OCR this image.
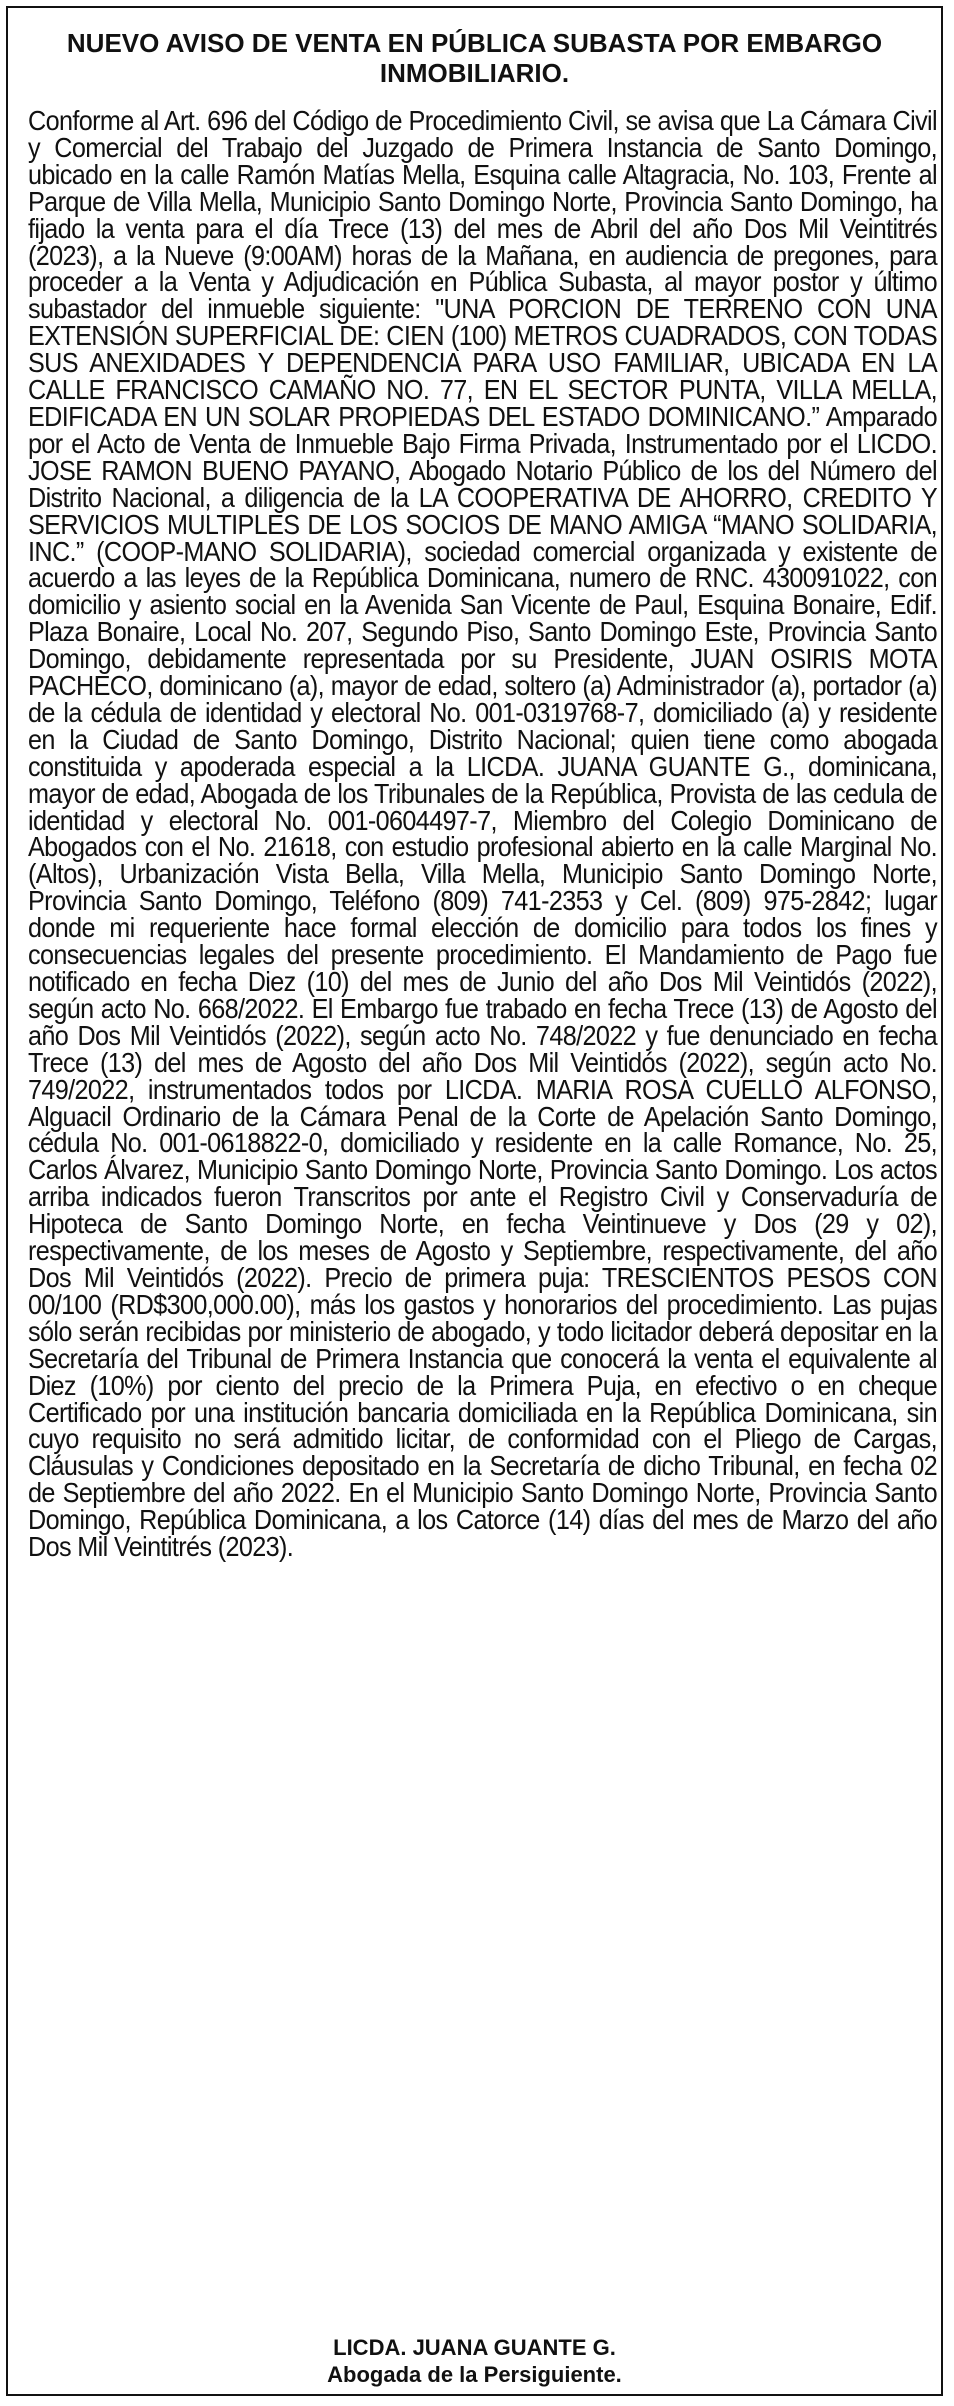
NUEVO AVISO DE VENTA EN PÚBLICA SUBASTA POR EMBARGO INMOBILIARIO.

Conforme al Art. 696 del Código de Procedimiento Civil, se avisa que La Cámara Civil y Comercial del Trabajo del Juzgado de Primera Instancia de Santo Domingo, ubicado en la calle Ramón Matías Mella, Esquina calle Altagracia, No. 103, Frente al Parque de Villa Mella, Municipio Santo Domingo Norte, Provincia Santo Domingo, ha fijado la venta para el día Trece (13) del mes de Abril del año Dos Mil Veintitrés (2023), a la Nueve (9:00AM) horas de la Mañana, en audiencia de pregones, para proceder a la Venta y Adjudicación en Pública Subasta, al mayor postor y último subastador del inmueble siguiente: "UNA PORCION DE TERRENO CON UNA EXTENSIÓN SUPERFICIAL DE: CIEN (100) METROS CUADRADOS, CON TODAS SUS ANEXIDADES Y DEPENDENCIA PARA USO FAMILIAR, UBICADA EN LA CALLE FRANCISCO CAMAÑO NO. 77, EN EL SECTOR PUNTA, VILLA MELLA, EDIFICADA EN UN SOLAR PROPIEDAS DEL ESTADO DOMINICANO.” Amparado por el Acto de Venta de Inmueble Bajo Firma Privada, Instrumentado por el LICDO. JOSE RAMON BUENO PAYANO, Abogado Notario Público de los del Número del Distrito Nacional, a diligencia de la LA COOPERATIVA DE AHORRO, CREDITO Y SERVICIOS MULTIPLES DE LOS SOCIOS DE MANO AMIGA “MANO SOLIDARIA, INC.” (COOP-MANO SOLIDARIA), sociedad comercial organizada y existente de acuerdo a las leyes de la República Dominicana, numero de RNC. 430091022, con domicilio y asiento social en la Avenida San Vicente de Paul, Esquina Bonaire, Edif. Plaza Bonaire, Local No. 207, Segundo Piso, Santo Domingo Este, Provincia Santo Domingo, debidamente representada por su Presidente, JUAN OSIRIS MOTA PACHECO, dominicano (a), mayor de edad, soltero (a) Administrador (a), portador (a) de la cédula de identidad y electoral No. 001-0319768-7, domiciliado (a) y residente en la Ciudad de Santo Domingo, Distrito Nacional; quien tiene como abogada constituida y apoderada especial a la LICDA. JUANA GUANTE G., dominicana, mayor de edad, Abogada de los Tribunales de la República, Provista de las cedula de identidad y electoral No. 001-0604497-7, Miembro del Colegio Dominicano de Abogados con el No. 21618, con estudio profesional abierto en la calle Marginal No. (Altos), Urbanización Vista Bella, Villa Mella, Municipio Santo Domingo Norte, Provincia Santo Domingo, Teléfono (809) 741-2353 y Cel. (809) 975-2842; lugar donde mi requeriente hace formal elección de domicilio para todos los fines y consecuencias legales del presente procedimiento. El Mandamiento de Pago fue notificado en fecha Diez (10) del mes de Junio del año Dos Mil Veintidós (2022), según acto No. 668/2022. El Embargo fue trabado en fecha Trece (13) de Agosto del año Dos Mil Veintidós (2022), según acto No. 748/2022 y fue denunciado en fecha Trece (13) del mes de Agosto del año Dos Mil Veintidós (2022), según acto No. 749/2022, instrumentados todos por LICDA. MARIA ROSA CUELLO ALFONSO, Alguacil Ordinario de la Cámara Penal de la Corte de Apelación Santo Domingo, cédula No. 001-0618822-0, domiciliado y residente en la calle Romance, No. 25, Carlos Álvarez, Municipio Santo Domingo Norte, Provincia Santo Domingo. Los actos arriba indicados fueron Transcritos por ante el Registro Civil y Conservaduría de Hipoteca de Santo Domingo Norte, en fecha Veintinueve y Dos (29 y 02), respectivamente, de los meses de Agosto y Septiembre, respectivamente, del año Dos Mil Veintidós (2022). Precio de primera puja: TRESCIENTOS PESOS CON 00/100 (RD$300,000.00), más los gastos y honorarios del procedimiento. Las pujas sólo serán recibidas por ministerio de abogado, y todo licitador deberá depositar en la Secretaría del Tribunal de Primera Instancia que conocerá la venta el equivalente al Diez (10%) por ciento del precio de la Primera Puja, en efectivo o en cheque Certificado por una institución bancaria domiciliada en la República Dominicana, sin cuyo requisito no será admitido licitar, de conformidad con el Pliego de Cargas, Cláusulas y Condiciones depositado en la Secretaría de dicho Tribunal, en fecha 02 de Septiembre del año 2022. En el Municipio Santo Domingo Norte, Provincia Santo Domingo, República Dominicana, a los Catorce (14) días del mes de Marzo del año Dos Mil Veintitrés (2023).

LICDA. JUANA GUANTE G.
Abogada de la Persiguiente.
